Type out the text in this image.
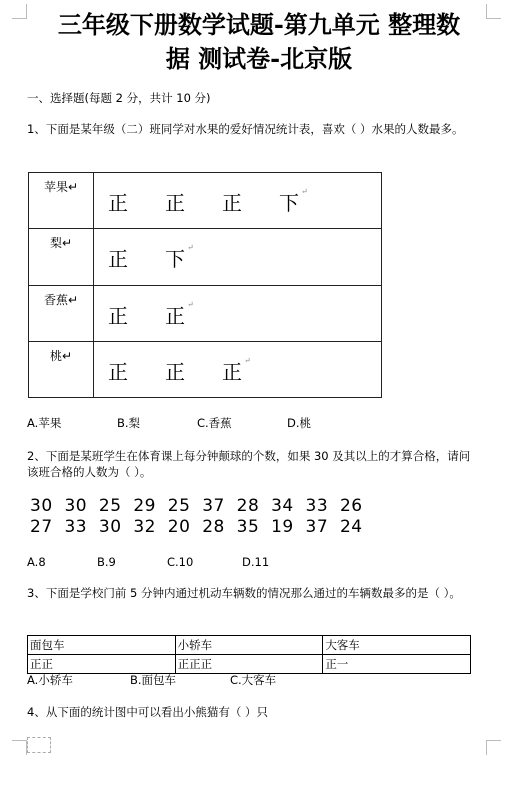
三年级下册数学试题-第九单元 整理数
据 测试卷-北京版
一、选择题(每题 2 分，共计 10 分)
1、下面是某年级（二）班同学对水果的爱好情况统计表，喜欢（ ）水果的人数最多。
苹果↵	正 正 正 下 ↵

梨↵	正 下 ↵

香蕉↵	正 正 ↵

桃↵	正 正 正 ↵
A.苹果	B.梨	C.香蕉	D.桃
2、下面是某班学生在体育课上每分钟颠球的个数，如果 30 及其以上的才算合格，请问该班合格的人数为（ ）。
30  30  25  29  25  37  28  34  33  26
27  33  30  32  20  28  35  19  37  24
A.8	B.9	C.10	D.11
3、下面是学校门前 5 分钟内通过机动车辆数的情况那么通过的车辆数最多的是（ ）。
面包车	小轿车	大客车
正正	正正正	正一
A.小轿车	B.面包车	C.大客车
4、从下面的统计图中可以看出小熊猫有（ ）只
